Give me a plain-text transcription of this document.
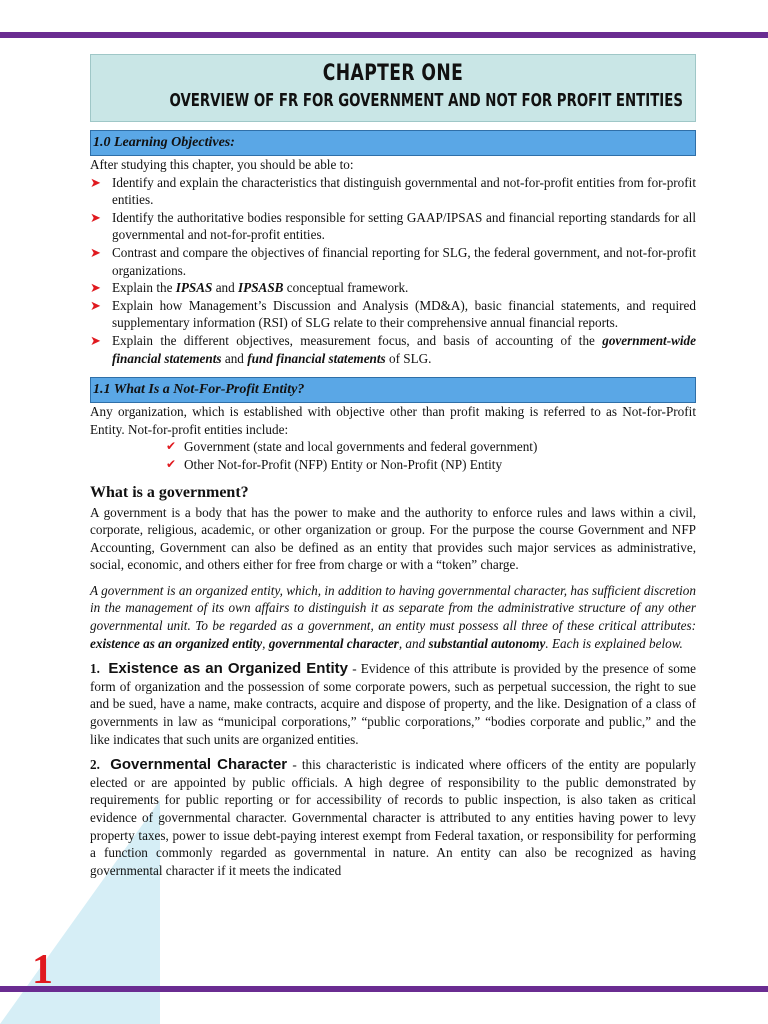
1
CHAPTER ONE
OVERVIEW OF FR FOR GOVERNMENT AND NOT FOR PROFIT ENTITIES
1.0 Learning Objectives:

After studying this chapter, you should be able to:

➤ Identify and explain the characteristics that distinguish governmental and not-for-profit entities from for-profit entities.
➤ Identify the authoritative bodies responsible for setting GAAP/IPSAS and financial reporting standards for all governmental and not-for-profit entities.
➤ Contrast and compare the objectives of financial reporting for SLG, the federal government, and not-for-profit organizations.
➤ Explain the IPSAS and IPSASB conceptual framework.
➤ Explain how Management’s Discussion and Analysis (MD&A), basic financial statements, and required supplementary information (RSI) of SLG relate to their comprehensive annual financial reports.
➤ Explain the different objectives, measurement focus, and basis of accounting of the government-wide financial statements and fund financial statements of SLG.
1.1 What Is a Not-For-Profit Entity?

Any organization, which is established with objective other than profit making is referred to as Not-for-Profit Entity. Not-for-profit entities include:

✔ Government (state and local governments and federal government)
✔ Other Not-for-Profit (NFP) Entity or Non-Profit (NP) Entity
What is a government?

A government is a body that has the power to make and the authority to enforce rules and laws within a civil, corporate, religious, academic, or other organization or group. For the purpose the course Government and NFP Accounting, Government can also be defined as an entity that provides such major services as administrative, social, economic, and others either for free from charge or with a “token” charge.

A government is an organized entity, which, in addition to having governmental character, has sufficient discretion in the management of its own affairs to distinguish it as separate from the administrative structure of any other governmental unit. To be regarded as a government, an entity must possess all three of these critical attributes: existence as an organized entity, governmental character, and substantial autonomy. Each is explained below.

1. Existence as an Organized Entity - Evidence of this attribute is provided by the presence of some form of organization and the possession of some corporate powers, such as perpetual succession, the right to sue and be sued, have a name, make contracts, acquire and dispose of property, and the like. Designation of a class of governments in law as “municipal corporations,” “public corporations,” “bodies corporate and public,” and the like indicates that such units are organized entities.

2. Governmental Character - this characteristic is indicated where officers of the entity are popularly elected or are appointed by public officials. A high degree of responsibility to the public demonstrated by requirements for public reporting or for accessibility of records to public inspection, is also taken as critical evidence of governmental character. Governmental character is attributed to any entities having power to levy property taxes, power to issue debt-paying interest exempt from Federal taxation, or responsibility for performing a function commonly regarded as governmental in nature. An entity can also be recognized as having governmental character if it meets the indicated
